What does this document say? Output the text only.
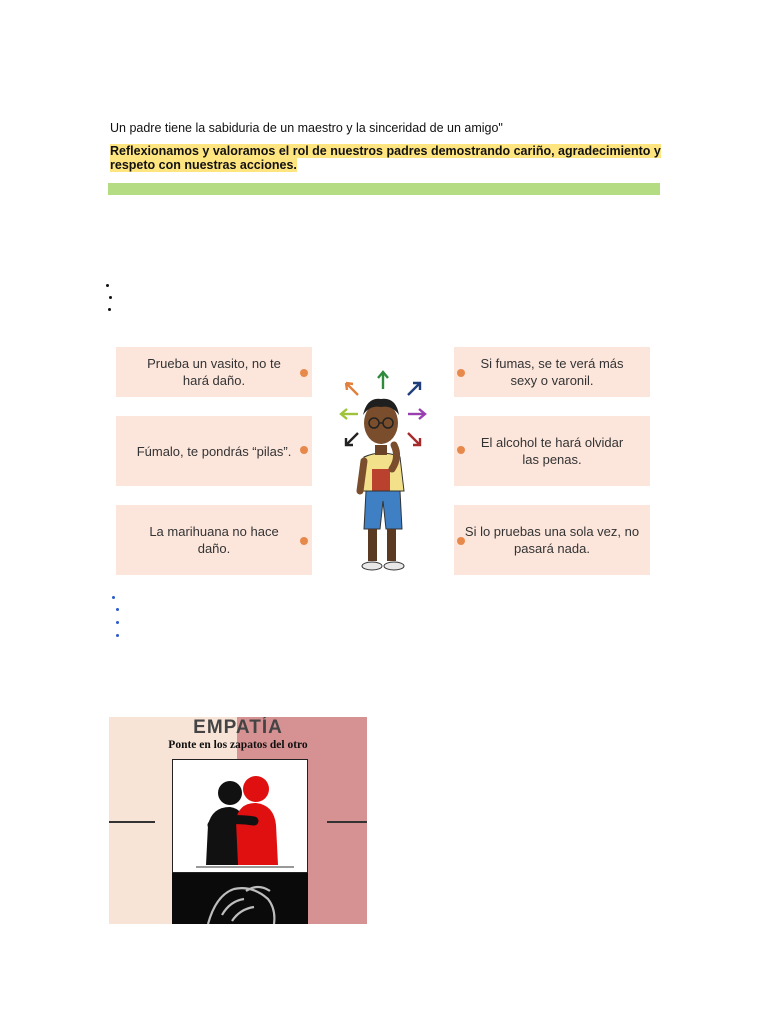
Un padre tiene la sabiduria de un maestro y la sinceridad de un amigo"
Reflexionamos y valoramos el rol de nuestros padres demostrando cariño, agradecimiento y respeto con nuestras acciones.
Prueba un vasito, no te hará daño.
Si fumas, se te verá más sexy o varonil.
Fúmalo, te pondrás “pilas”.
El alcohol te hará olvidar las penas.
La marihuana no hace daño.
Si lo pruebas una sola vez, no pasará nada.
EMPATÍA
Ponte en los zapatos del otro
